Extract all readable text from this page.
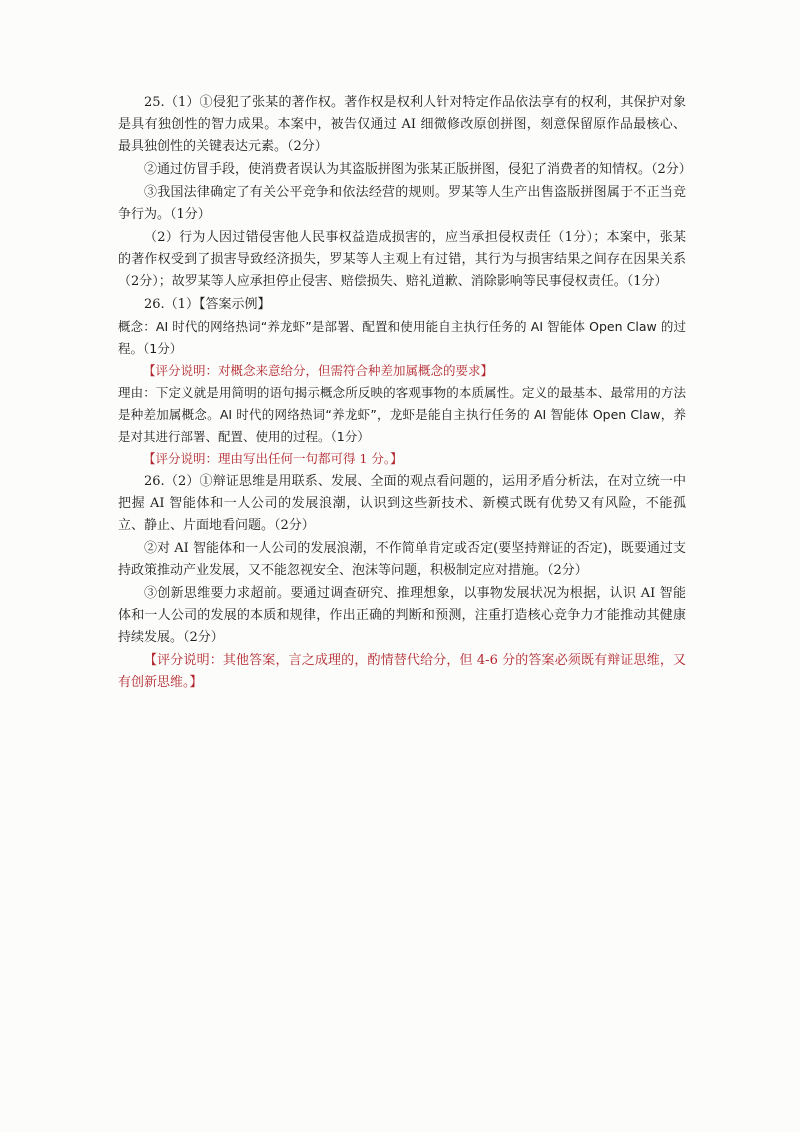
25.（1）①侵犯了张某的著作权。著作权是权利人针对特定作品依法享有的权利，其保护对象是具有独创性的智力成果。本案中，被告仅通过 AI 细微修改原创拼图，刻意保留原作品最核心、最具独创性的关键表达元素。（2分）

②通过仿冒手段，使消费者误认为其盗版拼图为张某正版拼图，侵犯了消费者的知情权。（2分）

③我国法律确定了有关公平竞争和依法经营的规则。罗某等人生产出售盗版拼图属于不正当竞争行为。（1分）

（2）行为人因过错侵害他人民事权益造成损害的，应当承担侵权责任（1分）；本案中，张某的著作权受到了损害导致经济损失，罗某等人主观上有过错，其行为与损害结果之间存在因果关系（2分）；故罗某等人应承担停止侵害、赔偿损失、赔礼道歉、消除影响等民事侵权责任。（1分）

26.（1）【答案示例】

概念：AI 时代的网络热词“养龙虾”是部署、配置和使用能自主执行任务的 AI 智能体 Open Claw 的过程。（1分）

【评分说明：对概念来意给分，但需符合种差加属概念的要求】

理由：下定义就是用简明的语句揭示概念所反映的客观事物的本质属性。定义的最基本、最常用的方法是种差加属概念。AI 时代的网络热词“养龙虾”，龙虾是能自主执行任务的 AI 智能体 Open Claw，养是对其进行部署、配置、使用的过程。（1分）

【评分说明：理由写出任何一句都可得 1 分。】

26.（2）①辩证思维是用联系、发展、全面的观点看问题的，运用矛盾分析法，在对立统一中把握 AI 智能体和一人公司的发展浪潮，认识到这些新技术、新模式既有优势又有风险，不能孤立、静止、片面地看问题。（2分）

②对 AI 智能体和一人公司的发展浪潮，不作简单肯定或否定(要坚持辩证的否定)，既要通过支持政策推动产业发展，又不能忽视安全、泡沫等问题，积极制定应对措施。（2分）

③创新思维要力求超前。要通过调查研究、推理想象，以事物发展状况为根据，认识 AI 智能体和一人公司的发展的本质和规律，作出正确的判断和预测，注重打造核心竞争力才能推动其健康持续发展。（2分）

【评分说明：其他答案，言之成理的，酌情替代给分，但 4-6 分的答案必须既有辩证思维，又有创新思维。】
